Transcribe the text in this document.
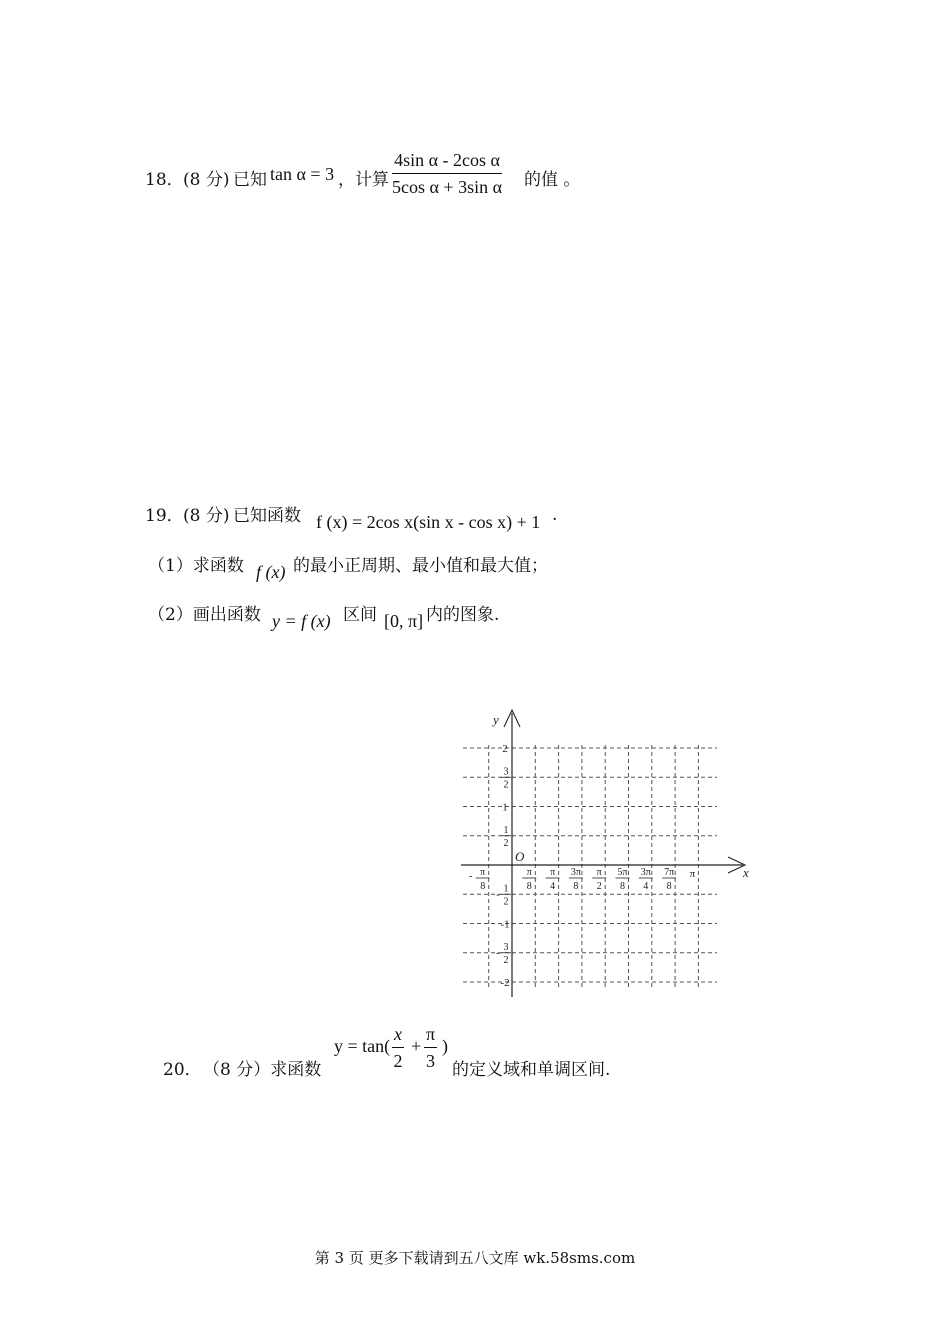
18． (8 分) 已知 tan α = 3 ，计算 $\frac{\text{4sin α - 2cos α}}{\text{5cos α + 3sin α}}$ 的值 。
19． (8 分) 已知函数 f (x) = 2cos x(sin x - cos x) + 1 .
（1）求函数 f (x) 的最小正周期、最小值和最大值；
（2）画出函数 y = f (x) 区间 [0, π] 内的图象.
y
x
O
2
3
2
1
1
2
- 1
2
-1
- 3
2
-2
- π
8
π
8
π
4
3π
8
π
2
5π
8
3π
4
7π
8
π
20． （8 分）求函数
$y = \tan( \frac{x}{2} + \frac{\pi}{3}$ )
的定义域和单调区间.
第 3 页 更多下载请到五八文库 wk.58sms.com
